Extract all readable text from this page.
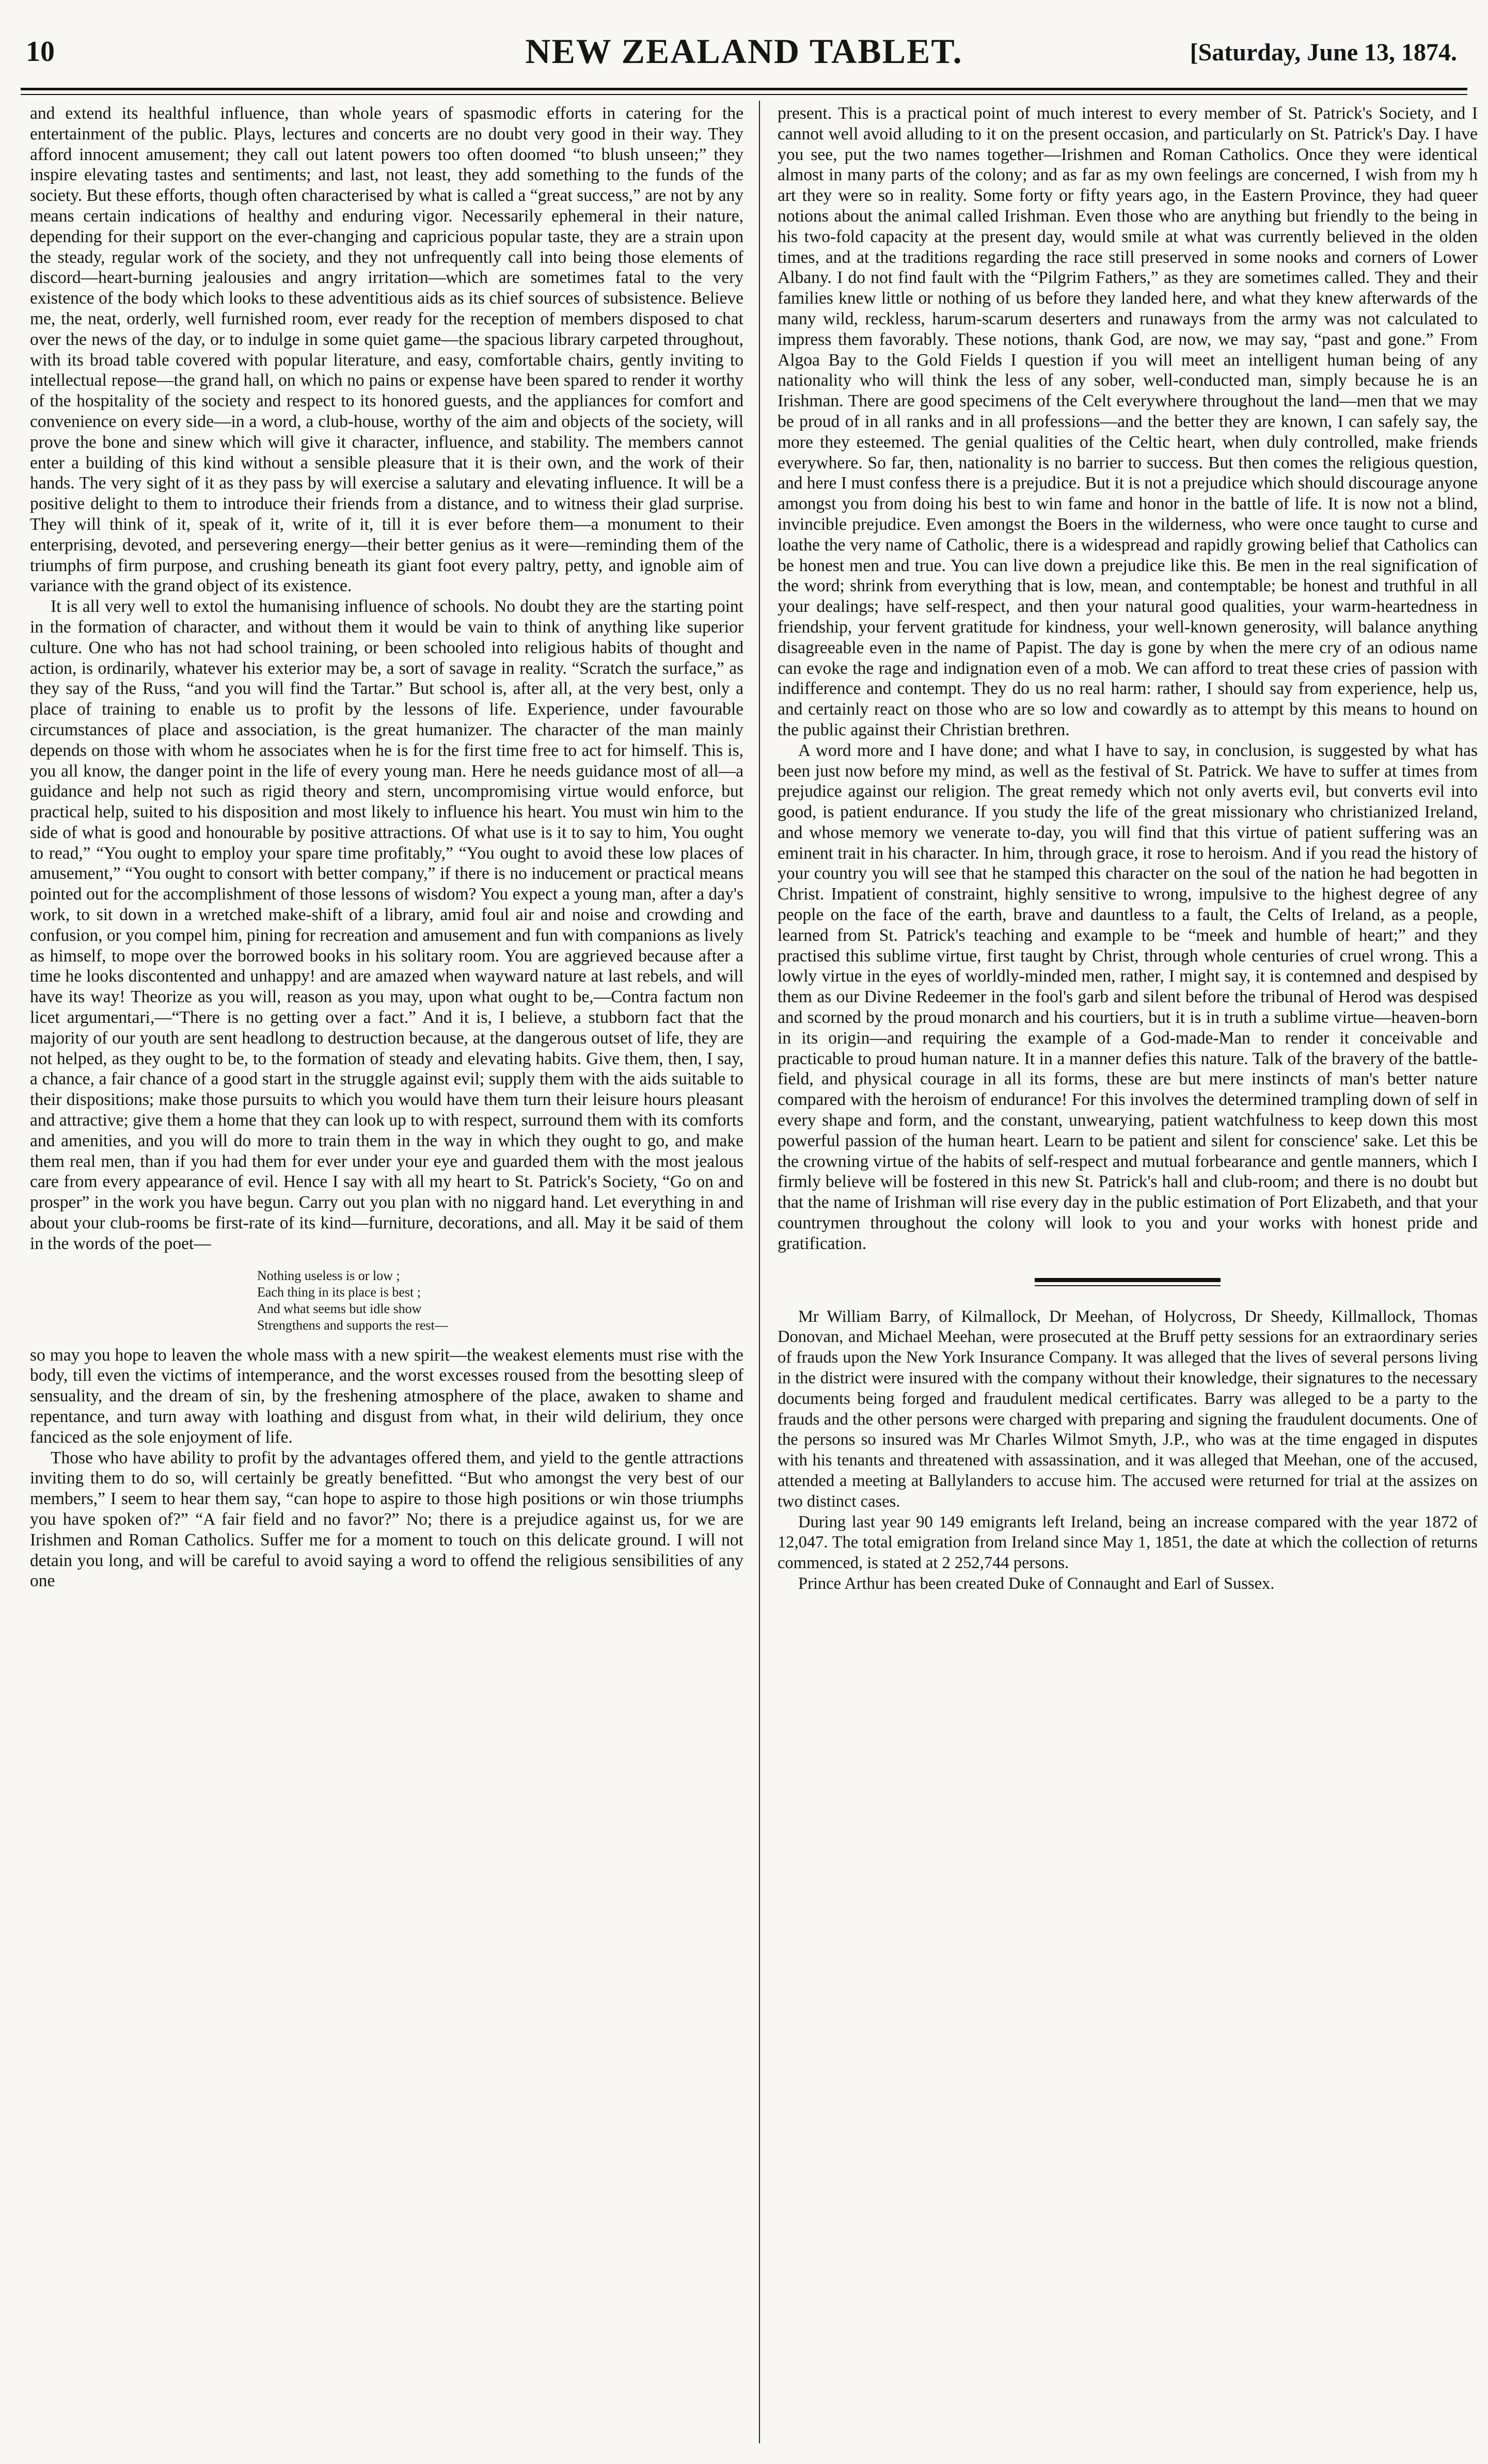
10	NEW ZEALAND TABLET.	[Saturday, June 13, 1874.

and extend its healthful influence, than whole years of spasmodic efforts in catering for the entertainment of the public. Plays, lectures and concerts are no doubt very good in their way. They afford innocent amusement; they call out latent powers too often doomed “to blush unseen;” they inspire elevating tastes and sentiments; and last, not least, they add something to the funds of the society. But these efforts, though often characterised by what is called a “great success,” are not by any means certain indications of healthy and enduring vigor. Necessarily ephemeral in their nature, depending for their support on the ever-changing and capricious popular taste, they are a strain upon the steady, regular work of the society, and they not unfrequently call into being those elements of discord—heart-burning jealousies and angry irritation—which are sometimes fatal to the very existence of the body which looks to these adventitious aids as its chief sources of subsistence. Believe me, the neat, orderly, well furnished room, ever ready for the reception of members disposed to chat over the news of the day, or to indulge in some quiet game—the spacious library carpeted throughout, with its broad table covered with popular literature, and easy, comfortable chairs, gently inviting to intellectual repose—the grand hall, on which no pains or expense have been spared to render it worthy of the hospitality of the society and respect to its honored guests, and the appliances for comfort and convenience on every side—in a word, a club-house, worthy of the aim and objects of the society, will prove the bone and sinew which will give it character, influence, and stability. The members cannot enter a building of this kind without a sensible pleasure that it is their own, and the work of their hands. The very sight of it as they pass by will exercise a salutary and elevating influence. It will be a positive delight to them to introduce their friends from a distance, and to witness their glad surprise. They will think of it, speak of it, write of it, till it is ever before them—a monument to their enterprising, devoted, and persevering energy—their better genius as it were—reminding them of the triumphs of firm purpose, and crushing beneath its giant foot every paltry, petty, and ignoble aim of variance with the grand object of its existence.

It is all very well to extol the humanising influence of schools. No doubt they are the starting point in the formation of character, and without them it would be vain to think of anything like superior culture. One who has not had school training, or been schooled into religious habits of thought and action, is ordinarily, whatever his exterior may be, a sort of savage in reality. “Scratch the surface,” as they say of the Russ, “and you will find the Tartar.” But school is, after all, at the very best, only a place of training to enable us to profit by the lessons of life. Experience, under favourable circumstances of place and association, is the great humanizer. The character of the man mainly depends on those with whom he associates when he is for the first time free to act for himself. This is, you all know, the danger point in the life of every young man. Here he needs guidance most of all—a guidance and help not such as rigid theory and stern, uncompromising virtue would enforce, but practical help, suited to his disposition and most likely to influence his heart. You must win him to the side of what is good and honourable by positive attractions. Of what use is it to say to him, You ought to read,” “You ought to employ your spare time profitably,” “You ought to avoid these low places of amusement,” “You ought to consort with better company,” if there is no inducement or practical means pointed out for the accomplishment of those lessons of wisdom? You expect a young man, after a day's work, to sit down in a wretched make-shift of a library, amid foul air and noise and crowding and confusion, or you compel him, pining for recreation and amusement and fun with companions as lively as himself, to mope over the borrowed books in his solitary room. You are aggrieved because after a time he looks discontented and unhappy! and are amazed when wayward nature at last rebels, and will have its way! Theorize as you will, reason as you may, upon what ought to be,—Contra factum non licet argumentari,—“There is no getting over a fact.” And it is, I believe, a stubborn fact that the majority of our youth are sent headlong to destruction because, at the dangerous outset of life, they are not helped, as they ought to be, to the formation of steady and elevating habits. Give them, then, I say, a chance, a fair chance of a good start in the struggle against evil; supply them with the aids suitable to their dispositions; make those pursuits to which you would have them turn their leisure hours pleasant and attractive; give them a home that they can look up to with respect, surround them with its comforts and amenities, and you will do more to train them in the way in which they ought to go, and make them real men, than if you had them for ever under your eye and guarded them with the most jealous care from every appearance of evil. Hence I say with all my heart to St. Patrick's Society, “Go on and prosper” in the work you have begun. Carry out you plan with no niggard hand. Let everything in and about your club-rooms be first-rate of its kind—furniture, decorations, and all. May it be said of them in the words of the poet—

Nothing useless is or low ;
Each thing in its place is best ;
And what seems but idle show
Strengthens and supports the rest—

so may you hope to leaven the whole mass with a new spirit—the weakest elements must rise with the body, till even the victims of intemperance, and the worst excesses roused from the besotting sleep of sensuality, and the dream of sin, by the freshening atmosphere of the place, awaken to shame and repentance, and turn away with loathing and disgust from what, in their wild delirium, they once fanciced as the sole enjoyment of life.

Those who have ability to profit by the advantages offered them, and yield to the gentle attractions inviting them to do so, will certainly be greatly benefitted. “But who amongst the very best of our members,” I seem to hear them say, “can hope to aspire to those high positions or win those triumphs you have spoken of?” “A fair field and no favor?” No; there is a prejudice against us, for we are Irishmen and Roman Catholics. Suffer me for a moment to touch on this delicate ground. I will not detain you long, and will be careful to avoid saying a word to offend the religious sensibilities of any one

present. This is a practical point of much interest to every member of St. Patrick's Society, and I cannot well avoid alluding to it on the present occasion, and particularly on St. Patrick's Day. I have you see, put the two names together—Irishmen and Roman Catholics. Once they were identical almost in many parts of the colony; and as far as my own feelings are concerned, I wish from my h art they were so in reality. Some forty or fifty years ago, in the Eastern Province, they had queer notions about the animal called Irishman. Even those who are anything but friendly to the being in his two-fold capacity at the present day, would smile at what was currently believed in the olden times, and at the traditions regarding the race still preserved in some nooks and corners of Lower Albany. I do not find fault with the “Pilgrim Fathers,” as they are sometimes called. They and their families knew little or nothing of us before they landed here, and what they knew afterwards of the many wild, reckless, harum-scarum deserters and runaways from the army was not calculated to impress them favorably. These notions, thank God, are now, we may say, “past and gone.” From Algoa Bay to the Gold Fields I question if you will meet an intelligent human being of any nationality who will think the less of any sober, well-conducted man, simply because he is an Irishman. There are good specimens of the Celt everywhere throughout the land—men that we may be proud of in all ranks and in all professions—and the better they are known, I can safely say, the more they esteemed. The genial qualities of the Celtic heart, when duly controlled, make friends everywhere. So far, then, nationality is no barrier to success. But then comes the religious question, and here I must confess there is a prejudice. But it is not a prejudice which should discourage anyone amongst you from doing his best to win fame and honor in the battle of life. It is now not a blind, invincible prejudice. Even amongst the Boers in the wilderness, who were once taught to curse and loathe the very name of Catholic, there is a widespread and rapidly growing belief that Catholics can be honest men and true. You can live down a prejudice like this. Be men in the real signification of the word; shrink from everything that is low, mean, and contemptable; be honest and truthful in all your dealings; have self-respect, and then your natural good qualities, your warm-heartedness in friendship, your fervent gratitude for kindness, your well-known generosity, will balance anything disagreeable even in the name of Papist. The day is gone by when the mere cry of an odious name can evoke the rage and indignation even of a mob. We can afford to treat these cries of passion with indifference and contempt. They do us no real harm: rather, I should say from experience, help us, and certainly react on those who are so low and cowardly as to attempt by this means to hound on the public against their Christian brethren.

A word more and I have done; and what I have to say, in conclusion, is suggested by what has been just now before my mind, as well as the festival of St. Patrick. We have to suffer at times from prejudice against our religion. The great remedy which not only averts evil, but converts evil into good, is patient endurance. If you study the life of the great missionary who christianized Ireland, and whose memory we venerate to-day, you will find that this virtue of patient suffering was an eminent trait in his character. In him, through grace, it rose to heroism. And if you read the history of your country you will see that he stamped this character on the soul of the nation he had begotten in Christ. Impatient of constraint, highly sensitive to wrong, impulsive to the highest degree of any people on the face of the earth, brave and dauntless to a fault, the Celts of Ireland, as a people, learned from St. Patrick's teaching and example to be “meek and humble of heart;” and they practised this sublime virtue, first taught by Christ, through whole centuries of cruel wrong. This a lowly virtue in the eyes of worldly-minded men, rather, I might say, it is contemned and despised by them as our Divine Redeemer in the fool's garb and silent before the tribunal of Herod was despised and scorned by the proud monarch and his courtiers, but it is in truth a sublime virtue—heaven-born in its origin—and requiring the example of a God-made-Man to render it conceivable and practicable to proud human nature. It in a manner defies this nature. Talk of the bravery of the battle-field, and physical courage in all its forms, these are but mere instincts of man's better nature compared with the heroism of endurance! For this involves the determined trampling down of self in every shape and form, and the constant, unwearying, patient watchfulness to keep down this most powerful passion of the human heart. Learn to be patient and silent for conscience' sake. Let this be the crowning virtue of the habits of self-respect and mutual forbearance and gentle manners, which I firmly believe will be fostered in this new St. Patrick's hall and club-room; and there is no doubt but that the name of Irishman will rise every day in the public estimation of Port Elizabeth, and that your countrymen throughout the colony will look to you and your works with honest pride and gratification.

Mr William Barry, of Kilmallock, Dr Meehan, of Holycross, Dr Sheedy, Killmallock, Thomas Donovan, and Michael Meehan, were prosecuted at the Bruff petty sessions for an extraordinary series of frauds upon the New York Insurance Company. It was alleged that the lives of several persons living in the district were insured with the company without their knowledge, their signatures to the necessary documents being forged and fraudulent medical certificates. Barry was alleged to be a party to the frauds and the other persons were charged with preparing and signing the fraudulent documents. One of the persons so insured was Mr Charles Wilmot Smyth, J.P., who was at the time engaged in disputes with his tenants and threatened with assassination, and it was alleged that Meehan, one of the accused, attended a meeting at Ballylanders to accuse him. The accused were returned for trial at the assizes on two distinct cases.

During last year 90 149 emigrants left Ireland, being an increase compared with the year 1872 of 12,047. The total emigration from Ireland since May 1, 1851, the date at which the collection of returns commenced, is stated at 2 252,744 persons.

Prince Arthur has been created Duke of Connaught and Earl of Sussex.
